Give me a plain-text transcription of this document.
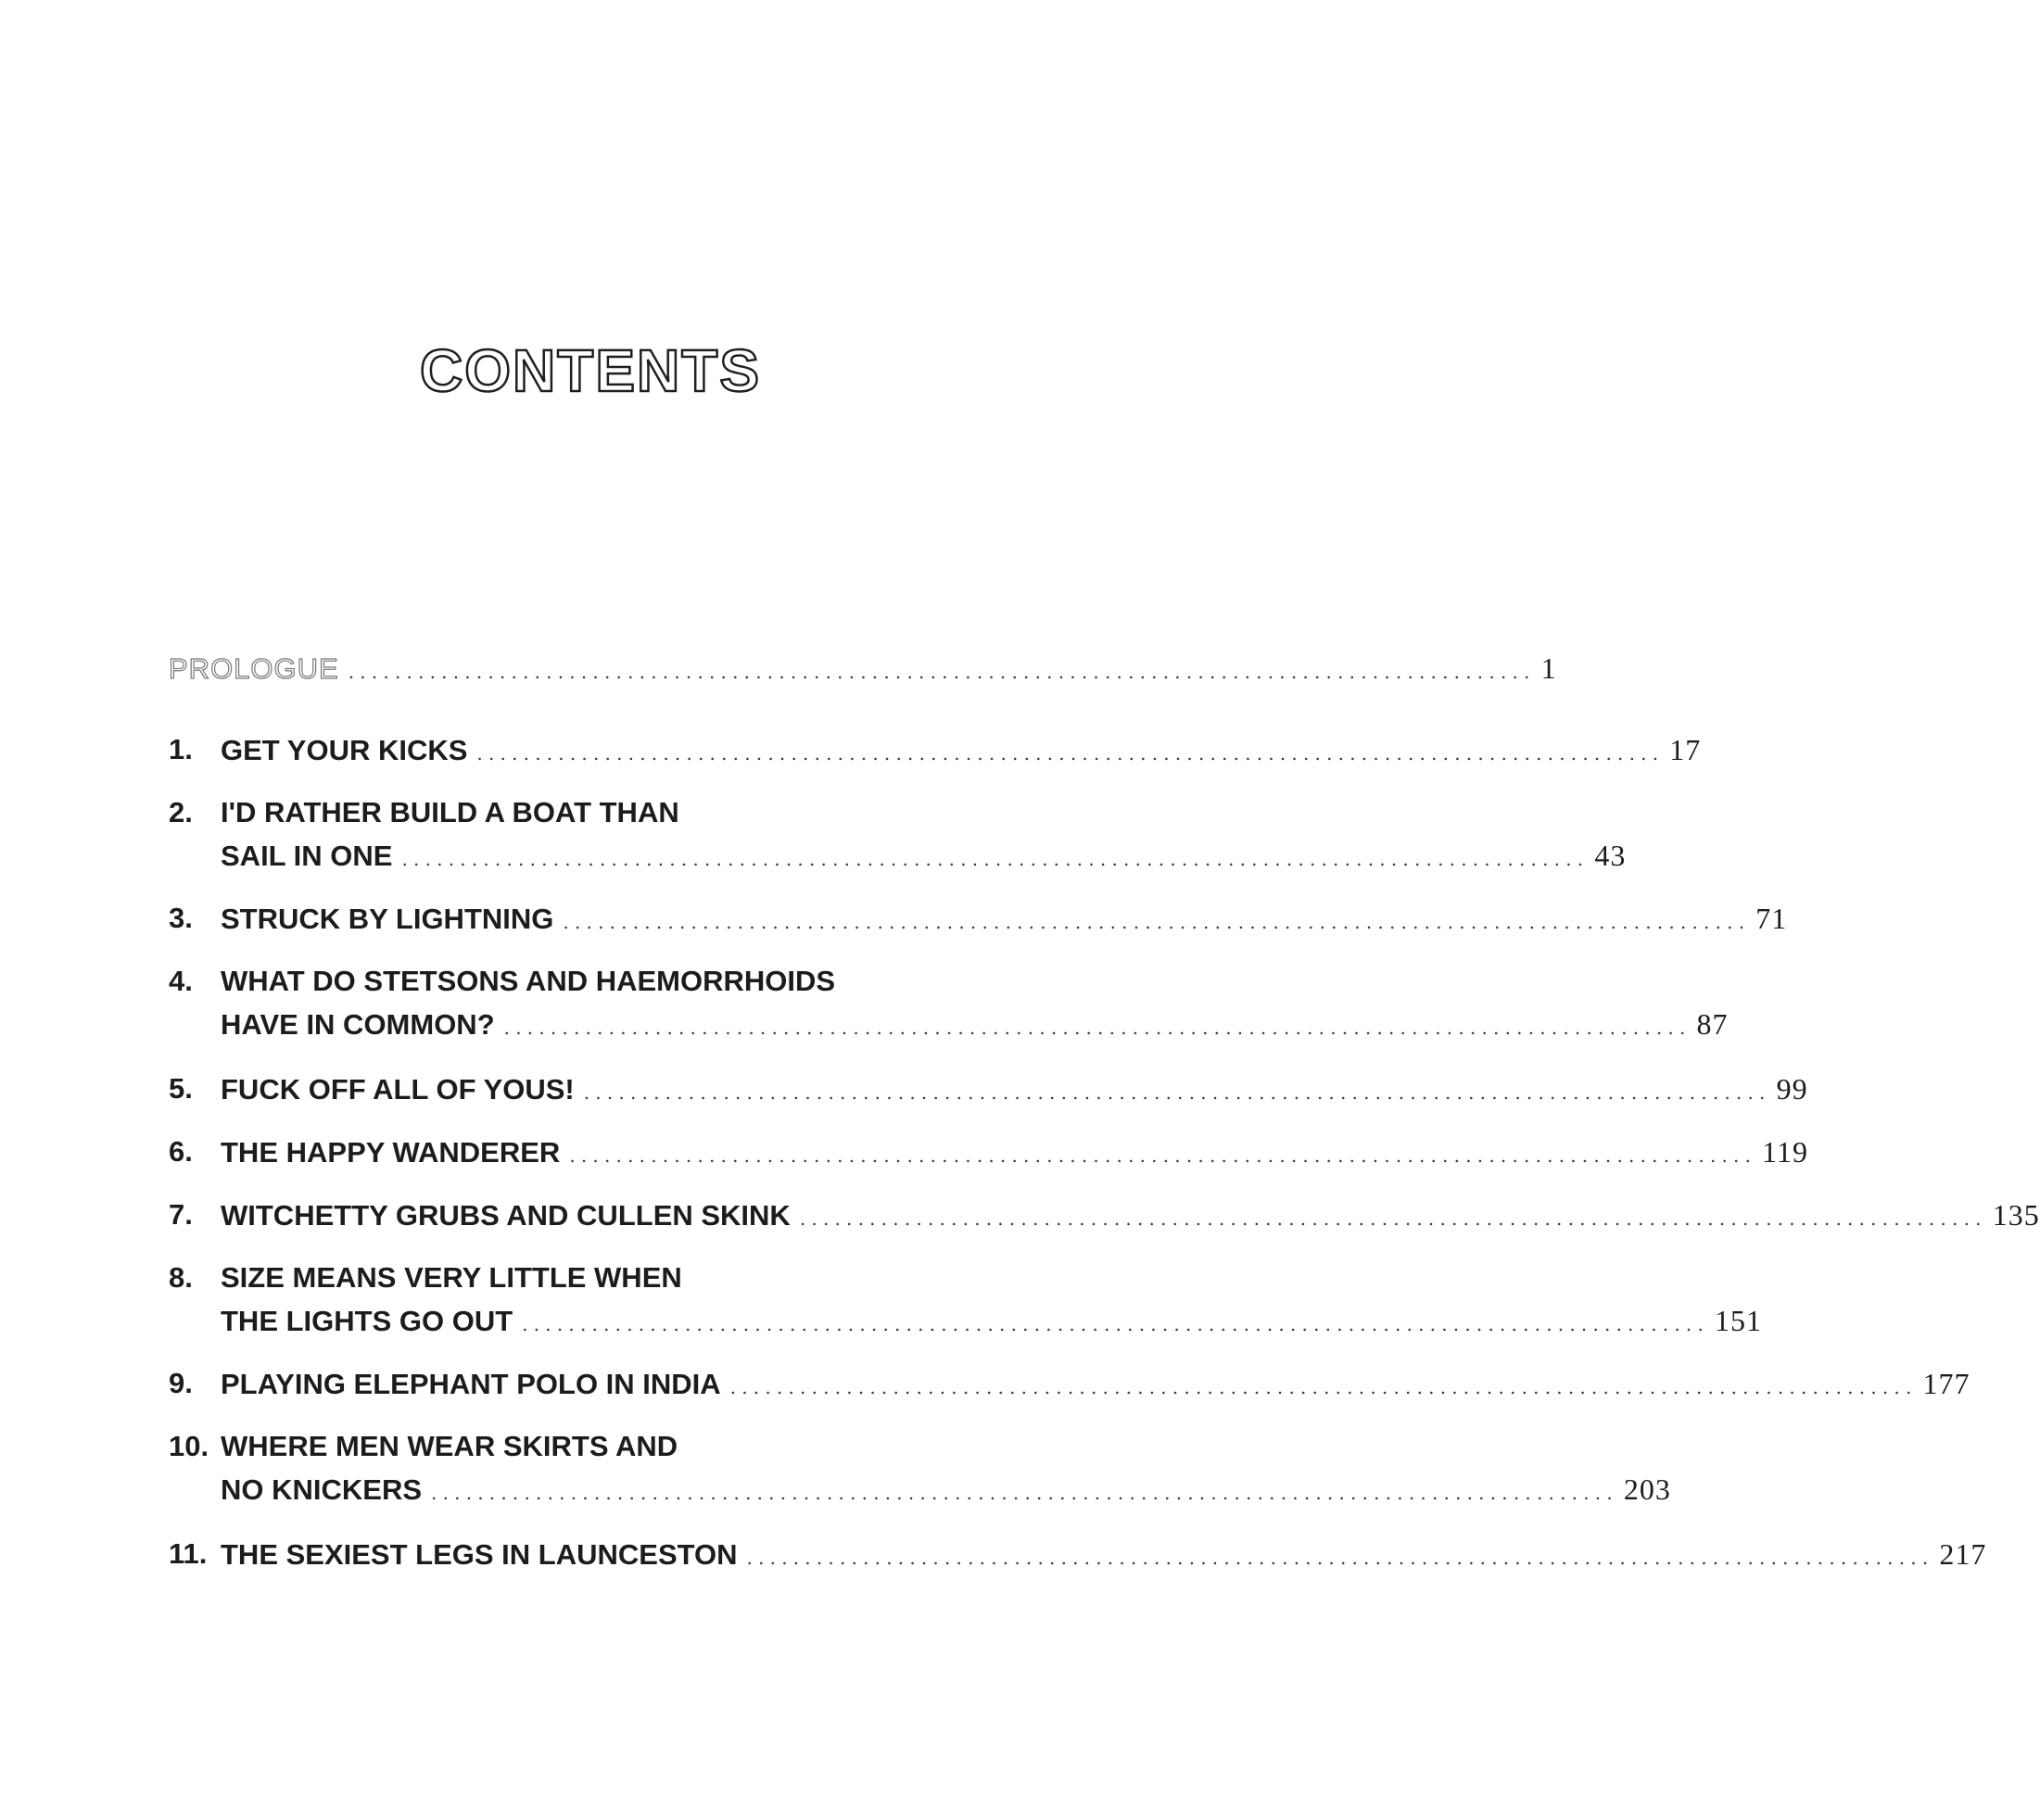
CONTENTS
PROLOGUE ...................................................................................................... 1
1. GET YOUR KICKS ...................................................................................................... 17
2. I'D RATHER BUILD A BOAT THAN
SAIL IN ONE ...................................................................................................... 43
3. STRUCK BY LIGHTNING ...................................................................................................... 71
4. WHAT DO STETSONS AND HAEMORRHOIDS
HAVE IN COMMON? ...................................................................................................... 87
5. FUCK OFF ALL OF YOUS! ...................................................................................................... 99
6. THE HAPPY WANDERER ...................................................................................................... 119
7. WITCHETTY GRUBS AND CULLEN SKINK ...................................................................................................... 135
8. SIZE MEANS VERY LITTLE WHEN
THE LIGHTS GO OUT ...................................................................................................... 151
9. PLAYING ELEPHANT POLO IN INDIA ...................................................................................................... 177
10. WHERE MEN WEAR SKIRTS AND
NO KNICKERS ...................................................................................................... 203
11. THE SEXIEST LEGS IN LAUNCESTON ...................................................................................................... 217
